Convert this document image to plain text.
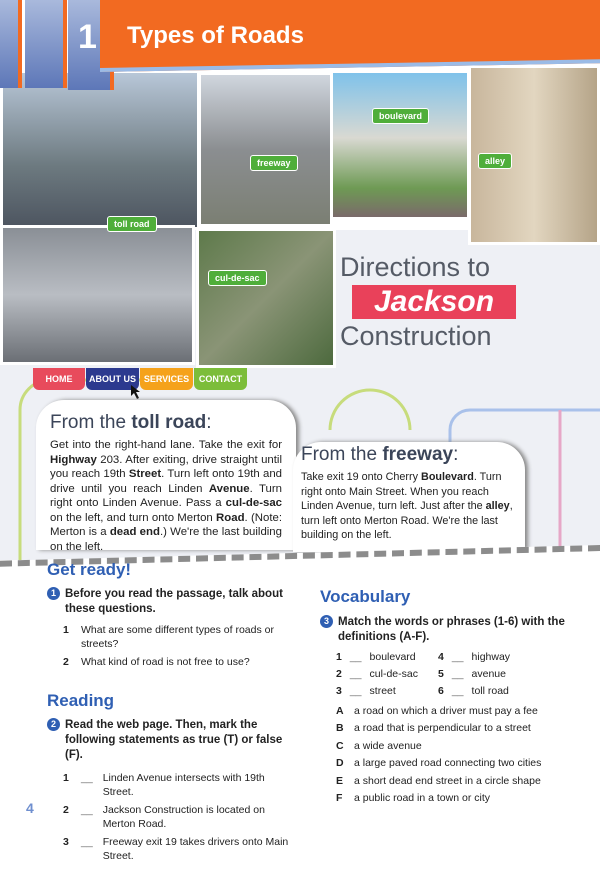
toll road
freeway
boulevard
alley
cul-de-sac
1 Types of Roads
Directions to
Jackson
Construction
HOME	ABOUT US SERVICES	CONTACT
From the toll road:

Get into the right-hand lane. Take the exit for Highway 203. After exiting, drive straight until you reach 19th Street. Turn left onto 19th and drive until you reach Linden Avenue. Turn right onto Linden Avenue. Pass a cul-de-sac on the left, and turn onto Merton Road. (Note: Merton is a dead end.) We're the last building on the left.

From the freeway:

Take exit 19 onto Cherry Boulevard. Turn right onto Main Street. When you reach Linden Avenue, turn left. Just after the alley, turn left onto Merton Road. We're the last building on the left.

Get ready!
1 Before you read the passage, talk about these questions.
1 What are some different types of roads or streets?
2 What kind of road is not free to use?
Reading
2 Read the web page. Then, mark the following statements as true (T) or false (F).
1 __ Linden Avenue intersects with 19th Street.
2 __ Jackson Construction is located on Merton Road.
3 __ Freeway exit 19 takes drivers onto Main Street.
4
Vocabulary
3 Match the words or phrases (1-6) with the definitions (A-F).
1 __ boulevard 4 __ highway
2 __ cul-de-sac 5 __ avenue
3 __ street	6 __ toll road
A a road on which a driver must pay a fee
B a road that is perpendicular to a street
C a wide avenue
D a large paved road connecting two cities
E a short dead end street in a circle shape
F	a public road in a town or city
